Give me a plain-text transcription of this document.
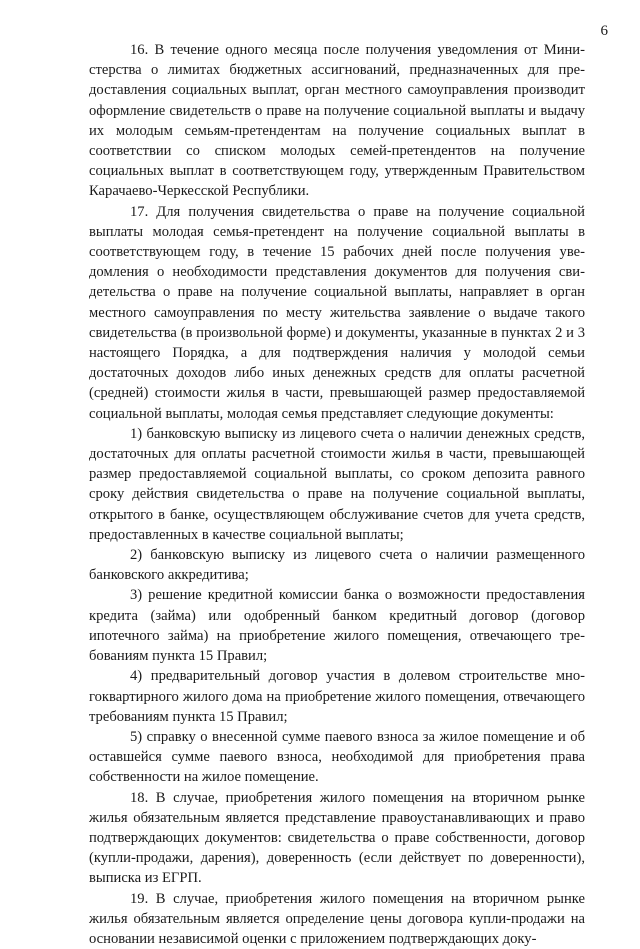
6

16. В течение одного месяца после получения уведомления от Министерства о лимитах бюджетных ассигнований, предназначенных для предоставления социальных выплат, орган местного самоуправления производит оформление свидетельств о праве на получение социальной выплаты и выдачу их молодым семьям-претендентам на получение социальных выплат в соответствии со списком молодых семей-претендентов на получение социальных выплат в соответствующем году, утвержденным Правительством Карачаево-Черкесской Республики.

17. Для получения свидетельства о праве на получение социальной выплаты молодая семья-претендент на получение социальной выплаты в соответствующем году, в течение 15 рабочих дней после получения уведомления о необходимости представления документов для получения свидетельства о праве на получение социальной выплаты, направляет в орган местного самоуправления по месту жительства заявление о выдаче такого свидетельства (в произвольной форме) и документы, указанные в пунктах 2 и 3 настоящего Порядка, а для подтверждения наличия у молодой семьи достаточных доходов либо иных денежных средств для оплаты расчетной (средней) стоимости жилья в части, превышающей размер предоставляемой социальной выплаты, молодая семья представляет следующие документы:

1) банковскую выписку из лицевого счета о наличии денежных средств, достаточных для оплаты расчетной стоимости жилья в части, превышающей размер предоставляемой социальной выплаты, со сроком депозита равного сроку действия свидетельства о праве на получение социальной выплаты, открытого в банке, осуществляющем обслуживание счетов для учета средств, предоставленных в качестве социальной выплаты;

2) банковскую выписку из лицевого счета о наличии размещенного банковского аккредитива;

3) решение кредитной комиссии банка о возможности предоставления кредита (займа) или одобренный банком кредитный договор (договор ипотечного займа) на приобретение жилого помещения, отвечающего требованиям пункта 15 Правил;

4) предварительный договор участия в долевом строительстве многоквартирного жилого дома на приобретение жилого помещения, отвечающего требованиям пункта 15 Правил;

5) справку о внесенной сумме паевого взноса за жилое помещение и об оставшейся сумме паевого взноса, необходимой для приобретения права собственности на жилое помещение.

18. В случае, приобретения жилого помещения на вторичном рынке жилья обязательным является представление правоустанавливающих и право подтверждающих документов: свидетельства о праве собственности, договор (купли-продажи, дарения), доверенность (если действует по доверенности), выписка из ЕГРП.

19. В случае, приобретения жилого помещения на вторичном рынке жилья обязательным является определение цены договора купли-продажи на основании независимой оценки с приложением подтверждающих доку-
